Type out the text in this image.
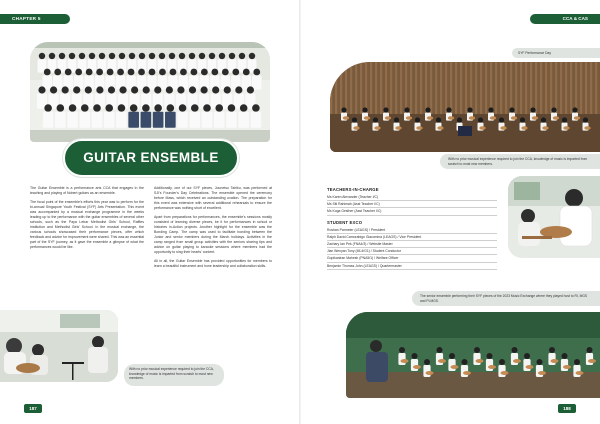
CHAPTER 5
GUITAR ENSEMBLE

The Guitar Ensemble is a performance arts CCA that engages in the teaching and playing of Nobert guitars as an ensemble.

The focal point of the ensemble's efforts this year was to perform for the bi-annual Singapore Youth Festival (SYF) Arts Presentation. This event was accompanied by a musical exchange programme in the weeks leading up to the performance with the guitar ensembles of several other schools, such as the Paya Lebar Methodist Girls' School, Raffles Institution and Methodist Girls' School. In the musical exchange, the various schools showcased their performance pieces, offer which feedback and advice for improvement were shared. This was an essential part of the SYF journey, as it gave the ensemble a glimpse of what the performances would be like.

Additionally, one of our SYF pieces, Jounetsu Tairiku, was performed at SJI's Founder's Day Celebrations. The ensemble opened the ceremony before Mass, which received an outstanding ovation. The preparation for this event was extensive with several additional rehearsals to ensure the performance was nothing short of excellent.

Apart from preparations for performances, the ensemble's sessions mostly consisted of learning diverse pieces, be it for performances in school or histories in-Action projects. Another highlight for the ensemble was the Bonding Camp. The camp was used to facilitate bonding between the Junior and senior members during the March holidays. Activities in the camp ranged from small group activities with the seniors sharing tips and advice on guitar playing to karaoke sessions where members had the opportunity to sing their hearts' content.

All in all, the Guitar Ensemble has provided opportunities for members to learn a beautiful instrument and hone leadership and collaboration skills.

With no prior musical experience required to join the CCA, knowledge of music is imparted from scratch to most new members.
187
CCA & CAS
SYF Performance Day
With no prior musical experience required to join the CCA, knowledge of music is imparted from scratch to most new members.
TEACHERS-IN-CHARGE
Ms Karen Alexander (Teacher I/C)
Ms Siti Rahimah (Asst Teacher I/C)
Ms Koga Gesther (Asst Teacher I/C)
STUDENT EXCO
Roshan Parmeter (LEAGS) / President
Ralph David Camorabigo Giacomina (LEAGS) / Vice President
Zachary Ian Pek (FNA4/3) / Website Master
Jian Wenyan Tony (ML4/G1) / Student Conductor
Gopikaniran Mahesh (PNA5/1) / Welfare Officer
Benjamin Thomas John (LEAGS) / Quartermaster
The senior ensemble performing their SYF pieces of the 2023 Music Exchange where they played host to RI, MGS and PLMGS.
188
